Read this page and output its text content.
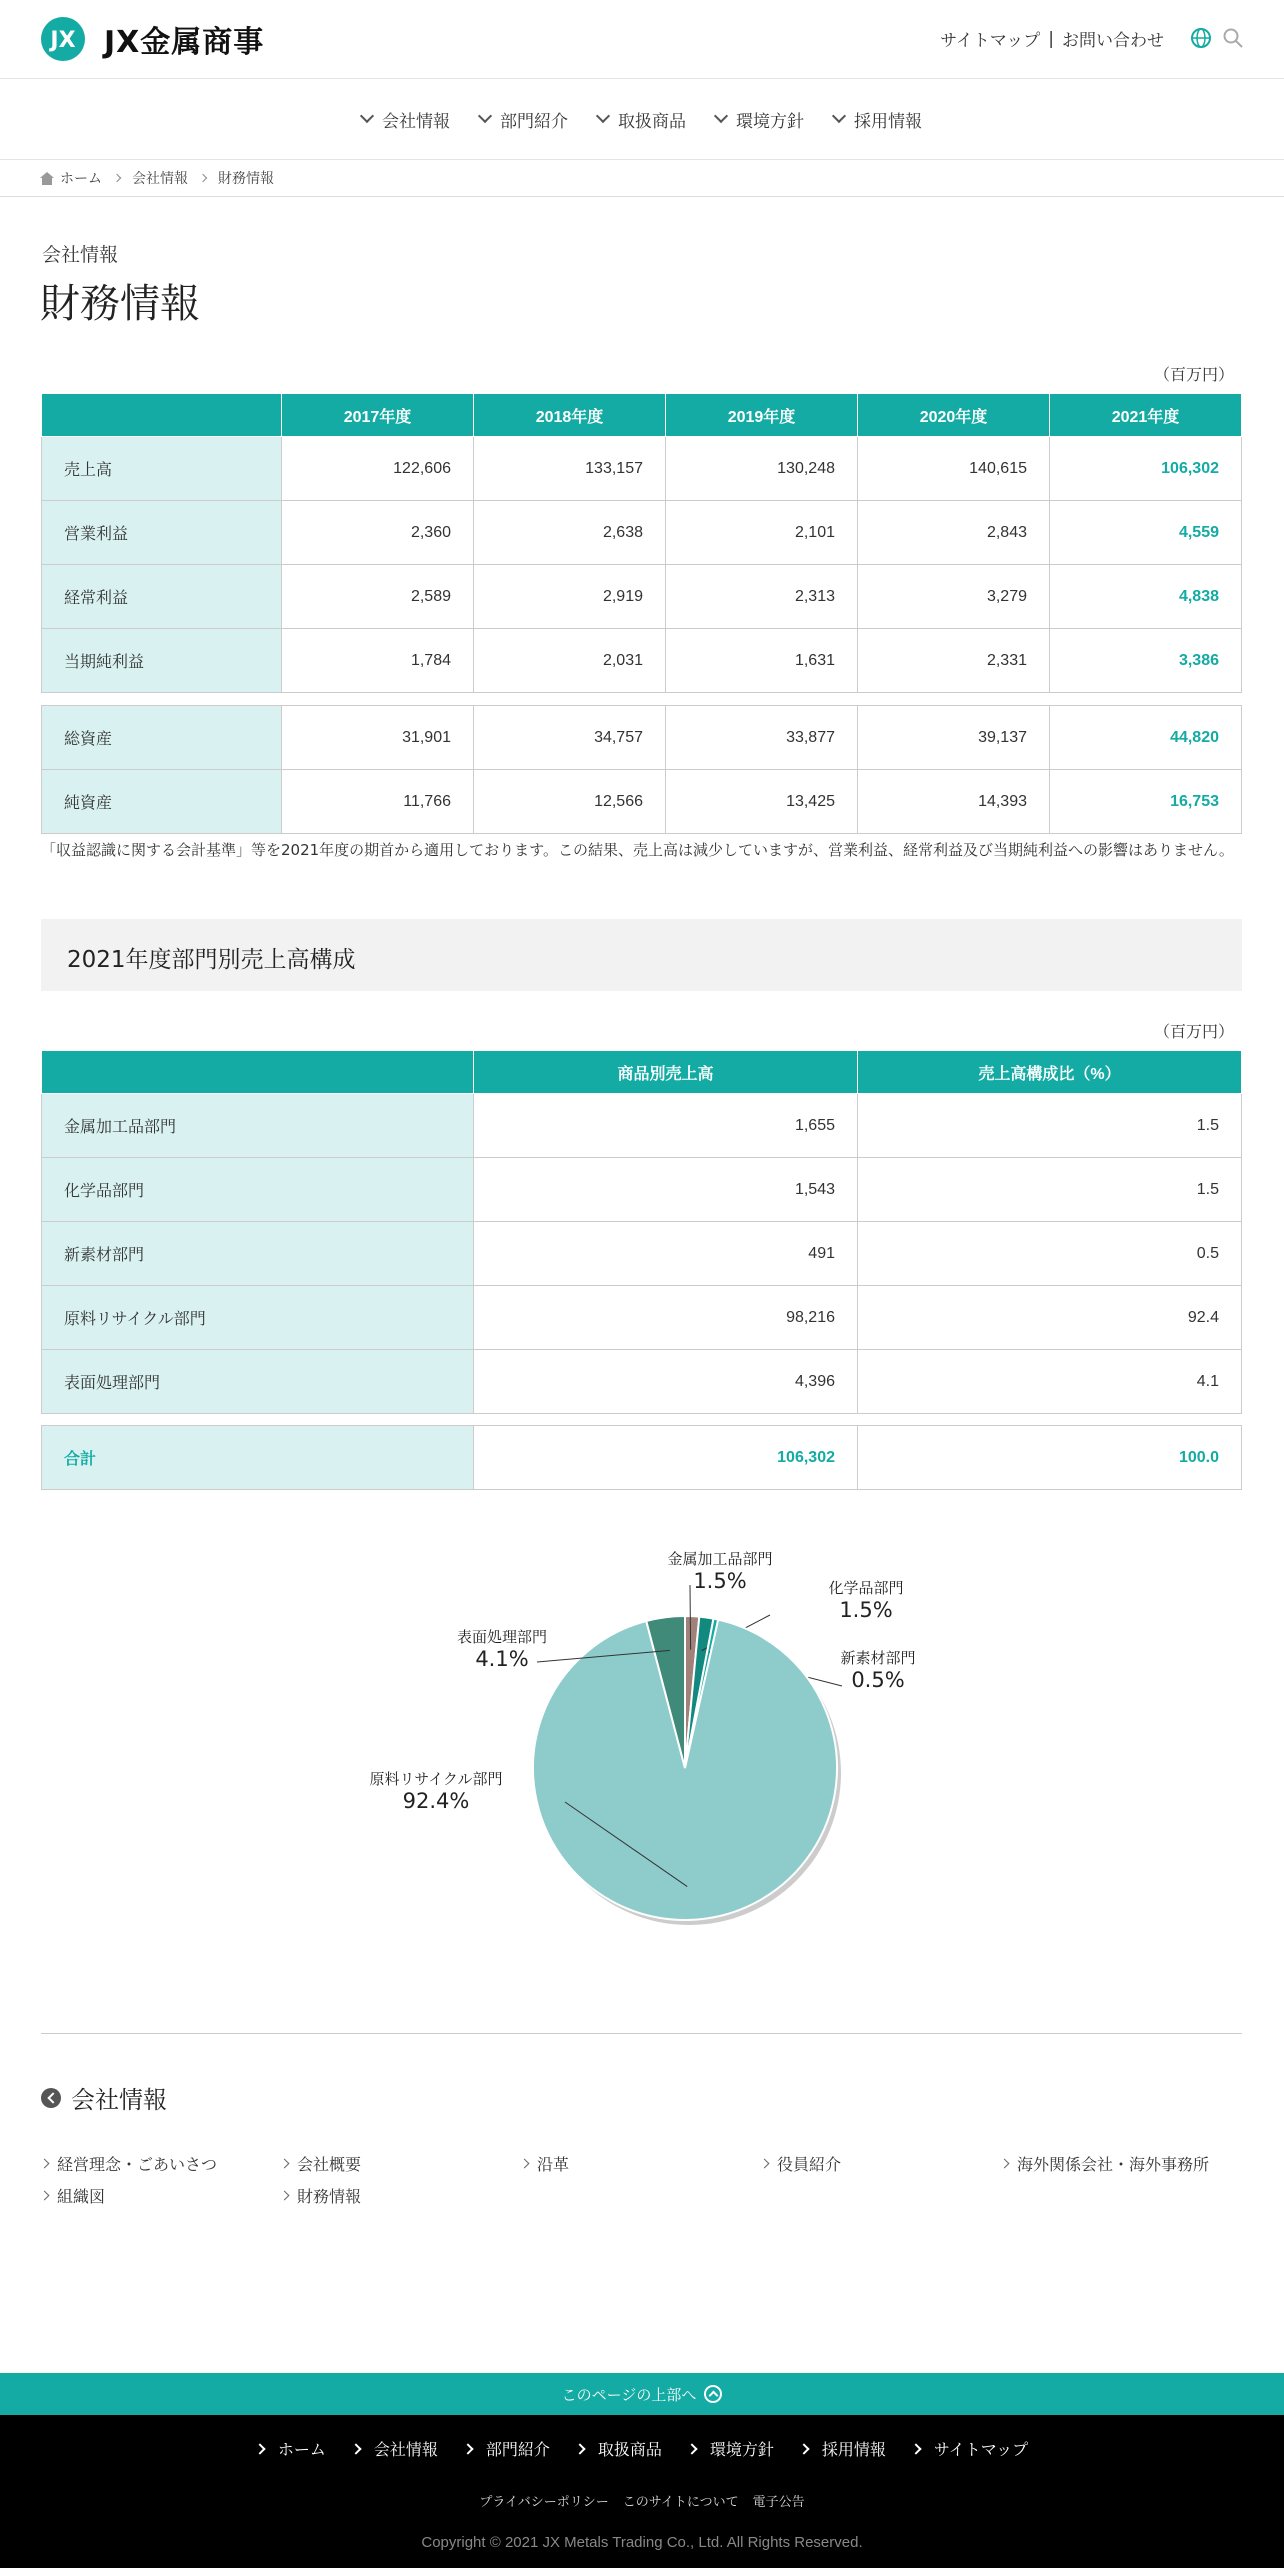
JX JX金属商事	サイトマップ | お問い合わせ
会社情報	部門紹介	取扱商品	環境方針	採用情報
ホーム 会社情報 財務情報
会社情報
財務情報
（百万円）
	2017年度	2018年度	2019年度	2020年度	2021年度
売上高	122,606	133,157	130,248	140,615	106,302
営業利益	2,360	2,638	2,101	2,843	4,559
経常利益	2,589	2,919	2,313	3,279	4,838
当期純利益	1,784	2,031	1,631	2,331	3,386
総資産	31,901	34,757	33,877	39,137	44,820
純資産	11,766	12,566	13,425	14,393	16,753
「収益認識に関する会計基準」等を2021年度の期首から適用しております。この結果、売上高は減少していますが、営業利益、経常利益及び当期純利益への影響はありません。
2021年度部門別売上高構成
（百万円）
	商品別売上高	売上高構成比（%）
金属加工品部門	1,655	1.5
化学品部門	1,543	1.5
新素材部門	491	0.5
原料リサイクル部門	98,216	92.4
表面処理部門	4,396	4.1
合計	106,302	100.0
金属加工品部門
1.5%	化学品部門
1.5%
新素材部門
0.5%
原料リサイクル部門
92.4%
表面処理部門
4.1%
会社情報
経営理念・ごあいさつ	会社概要	沿革	役員紹介	海外関係会社・海外事務所
組織図	財務情報
このページの上部へ
ホーム	会社情報	部門紹介	取扱商品	環境方針	採用情報	サイトマップ
プライバシーポリシー このサイトについて 電子公告
Copyright © 2021 JX Metals Trading Co., Ltd. All Rights Reserved.
